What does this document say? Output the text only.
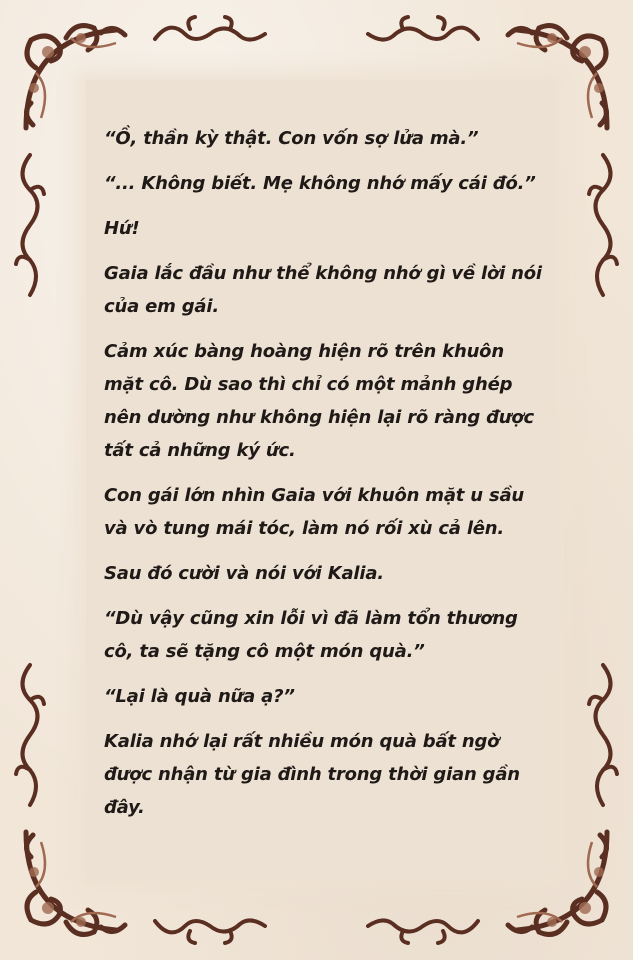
“Ồ, thần kỳ thật. Con vốn sợ lửa mà.”

“... Không biết. Mẹ không nhớ mấy cái đó.”

Hứ!

Gaia lắc đầu như thể không nhớ gì về lời nói của em gái.

Cảm xúc bàng hoàng hiện rõ trên khuôn mặt cô. Dù sao thì chỉ có một mảnh ghép nên dường như không hiện lại rõ ràng được tất cả những ký ức.

Con gái lớn nhìn Gaia với khuôn mặt u sầu và vò tung mái tóc, làm nó rối xù cả lên.

Sau đó cười và nói với Kalia.

“Dù vậy cũng xin lỗi vì đã làm tổn thương cô, ta sẽ tặng cô một món quà.”

“Lại là quà nữa ạ?”

Kalia nhớ lại rất nhiều món quà bất ngờ được nhận từ gia đình trong thời gian gần đây.
